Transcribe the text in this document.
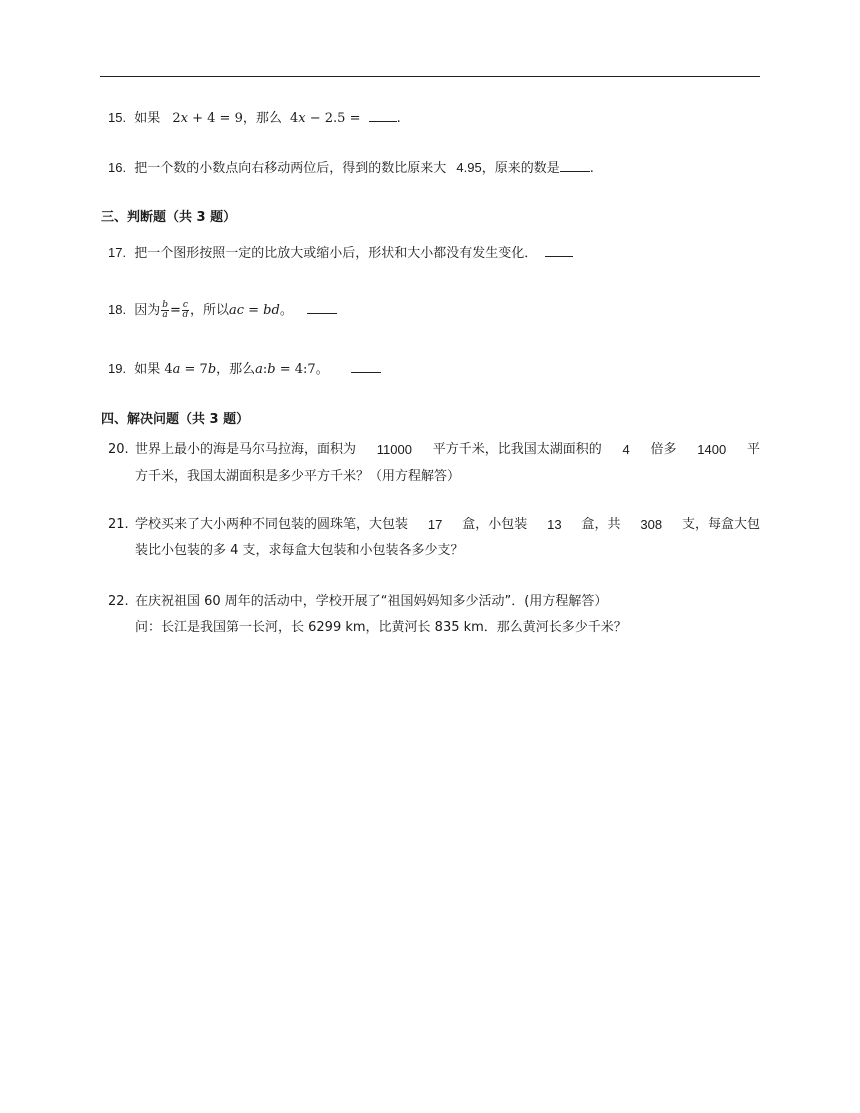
15. 如果 2𝑥 + 4 = 9，那么 4𝑥 − 2.5 =	.
16. 把一个数的小数点向右移动两位后，得到的数比原来大 4.95，原来的数是 .
三、判断题（共 3 题）
17. 把一个图形按照一定的比放大或缩小后，形状和大小都没有发生变化．
18. 因为 $\frac{b}{a} = \frac{c}{d}$ ，所以𝑎𝑐 = 𝑏𝑑。
19. 如果 4𝑎 = 7𝑏，那么𝑎:𝑏 = 4:7。
四、解决问题（共 3 题）
20. 世界上最小的海是马尔马拉海，面积为 11000 平方千米，比我国太湖面积的 4 倍多 1400 平
方千米，我国太湖面积是多少平方千米？（用方程解答）
21. 学校买来了大小两种不同包装的圆珠笔，大包装 17 盒，小包装 13 盒，共 308 支，每盒大包
装比小包装的多 4 支，求每盒大包装和小包装各多少支？
22. 在庆祝祖国 60 周年的活动中，学校开展了“祖国妈妈知多少活动”．(用方程解答）
问：长江是我国第一长河，长 6299 km，比黄河长 835 km．那么黄河长多少千米？
